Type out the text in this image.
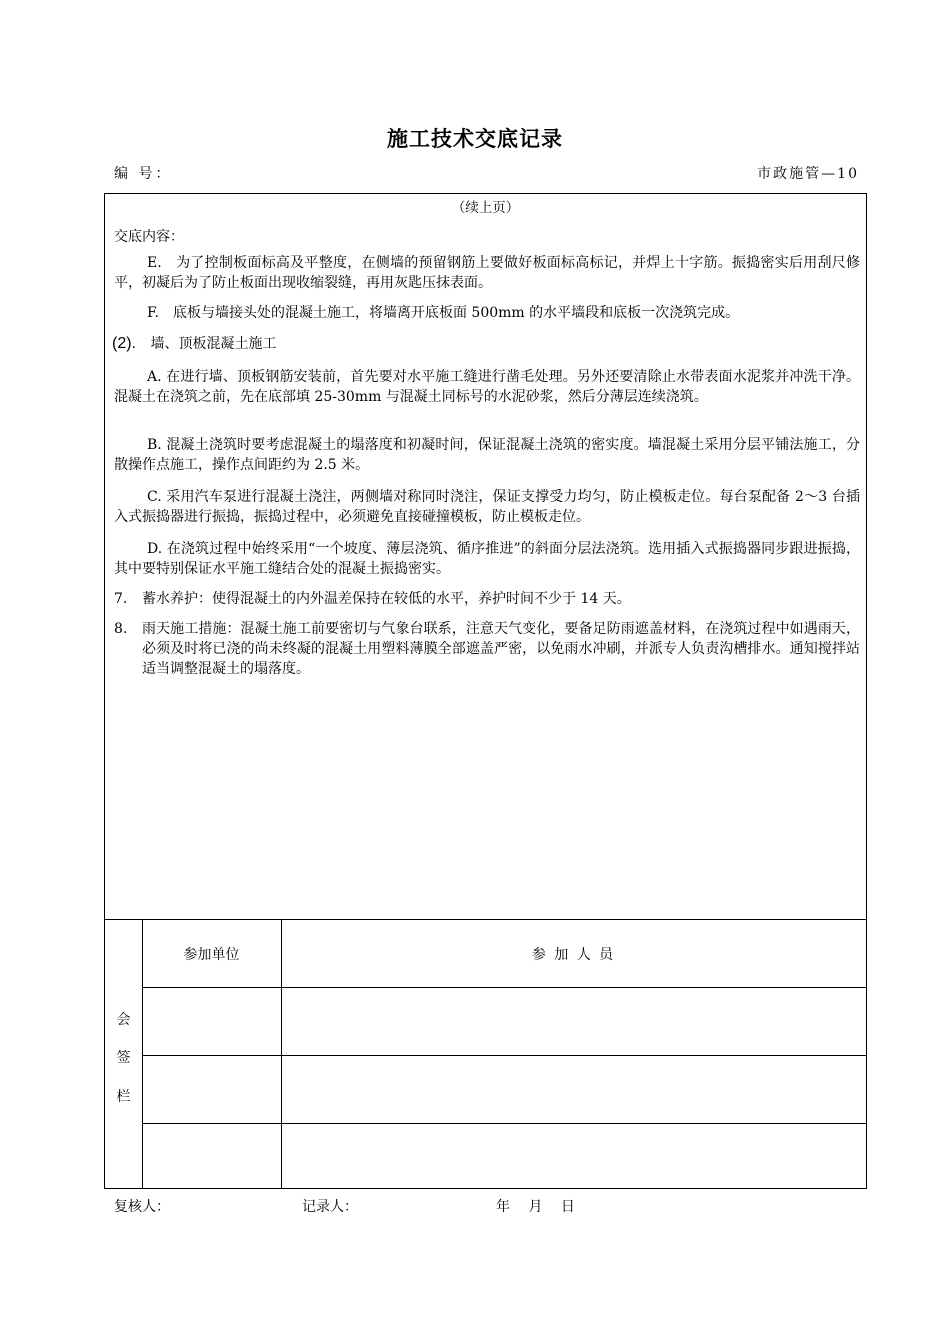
施工技术交底记录
编 号：	市政施管—10
（续上页）
交底内容：

E.　为了控制板面标高及平整度，在侧墙的预留钢筋上要做好板面标高标记，并焊上十字筋。振捣密实后用刮尺修平，初凝后为了防止板面出现收缩裂缝，再用灰匙压抹表面。

F.　底板与墙接头处的混凝土施工，将墙离开底板面 500mm 的水平墙段和底板一次浇筑完成。

(2). 墙、顶板混凝土施工

A. 在进行墙、顶板钢筋安装前，首先要对水平施工缝进行凿毛处理。另外还要清除止水带表面水泥浆并冲洗干净。混凝土在浇筑之前，先在底部填 25-30mm 与混凝土同标号的水泥砂浆，然后分薄层连续浇筑。

B. 混凝土浇筑时要考虑混凝土的塌落度和初凝时间，保证混凝土浇筑的密实度。墙混凝土采用分层平铺法施工，分散操作点施工，操作点间距约为 2.5 米。

C. 采用汽车泵进行混凝土浇注，两侧墙对称同时浇注，保证支撑受力均匀，防止模板走位。每台泵配备 2～3 台插入式振捣器进行振捣，振捣过程中，必须避免直接碰撞模板，防止模板走位。

D. 在浇筑过程中始终采用“一个坡度、薄层浇筑、循序推进”的斜面分层法浇筑。选用插入式振捣器同步跟进振捣，其中要特别保证水平施工缝结合处的混凝土振捣密实。

7. 蓄水养护：使得混凝土的内外温差保持在较低的水平，养护时间不少于 14 天。
8. 雨天施工措施：混凝土施工前要密切与气象台联系，注意天气变化，要备足防雨遮盖材料，在浇筑过程中如遇雨天，必须及时将已浇的尚未终凝的混凝土用塑料薄膜全部遮盖严密，以免雨水冲刷，并派专人负责沟槽排水。通知搅拌站适当调整混凝土的塌落度。
会
签
栏
参加单位	参 加 人 员
复核人：	记录人：	年　 月　 日
